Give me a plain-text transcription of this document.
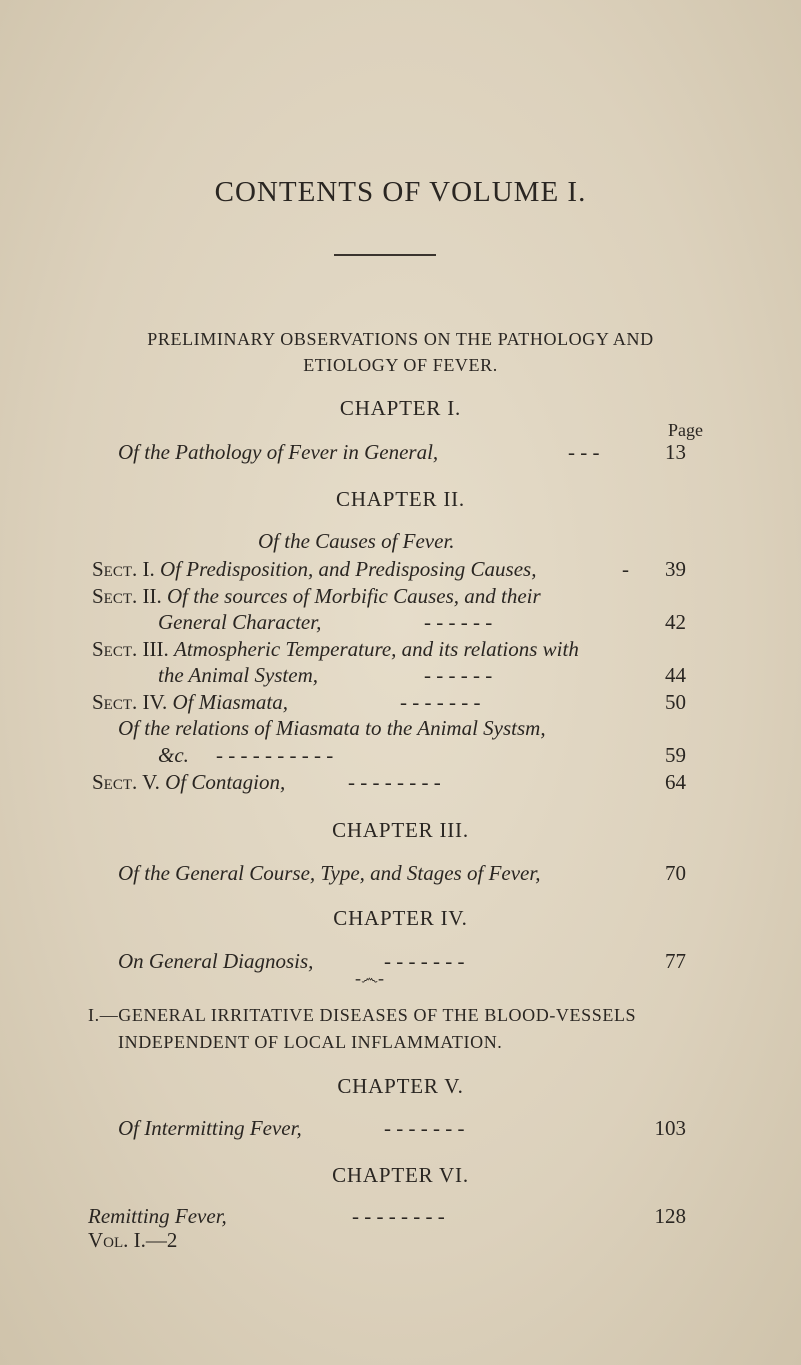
CONTENTS OF VOLUME I.
PRELIMINARY OBSERVATIONS ON THE PATHOLOGY AND
ETIOLOGY OF FEVER.
CHAPTER I.
Page
Of the Pathology of Fever in General,	- - -	13
CHAPTER II.
Of the Causes of Fever.
Sect. I. Of Predisposition, and Predisposing Causes,	-	39
Sect. II. Of the sources of Morbific Causes, and their
General Character,	- - - - - -	42
Sect. III. Atmospheric Temperature, and its relations with
the Animal System,	- - - - - -	44
Sect. IV. Of Miasmata,	- - - - - - -	50
Of the relations of Miasmata to the Animal Systsm,
&c. - - - - - - - - - -	59
Sect. V. Of Contagion,	- - - - - - - -	64
CHAPTER III.
Of the General Course, Type, and Stages of Fever,	70
CHAPTER IV.
On General Diagnosis,	- - - - - - -	77
-෴-
I.—GENERAL IRRITATIVE DISEASES OF THE BLOOD-VESSELS
INDEPENDENT OF LOCAL INFLAMMATION.
CHAPTER V.
Of Intermitting Fever,	- - - - - - -	103
CHAPTER VI.
Remitting Fever,	- - - - - - - -	128
Vol. I.—2
